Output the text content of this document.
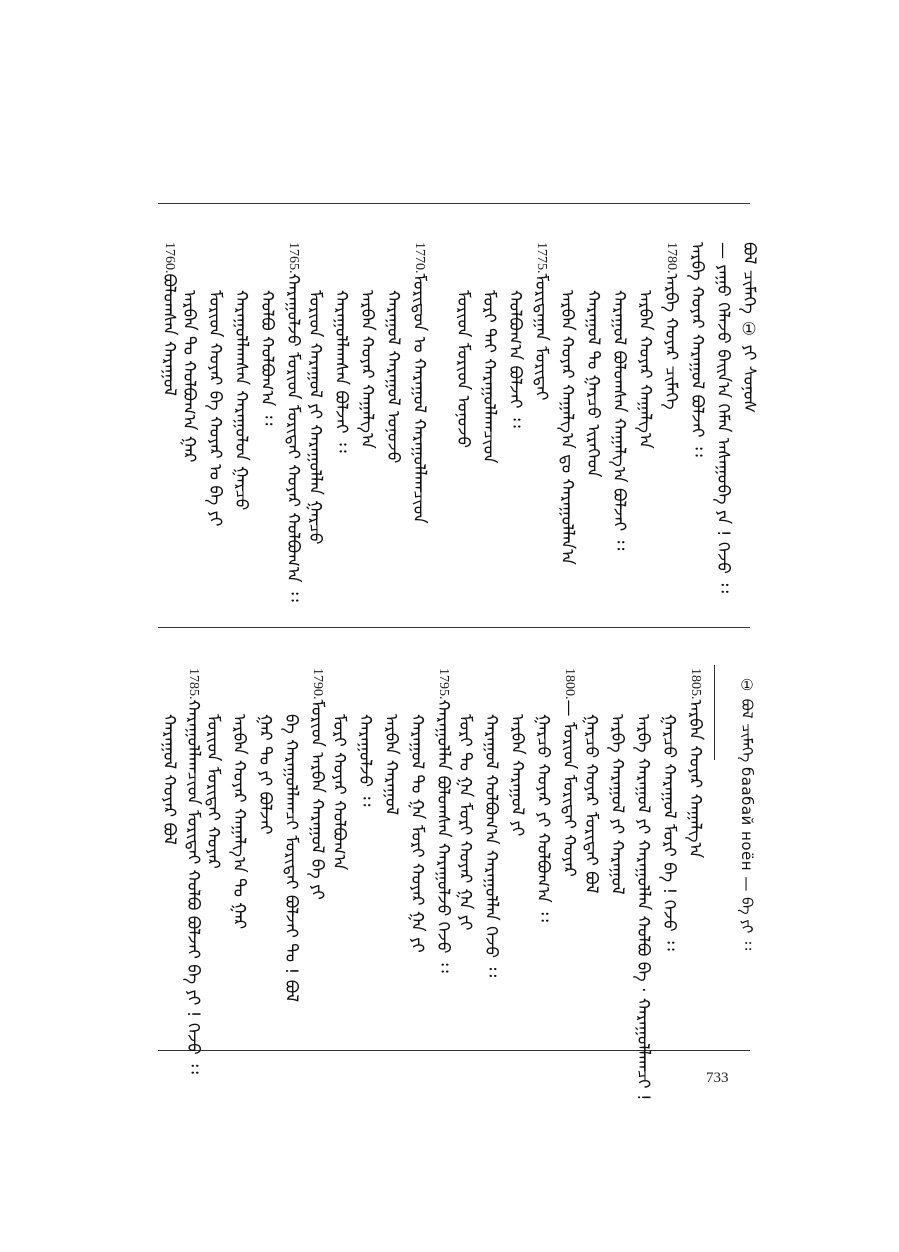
ᠪᠣᠯ ᠴᠢᠮᠡᠭᠡ ① ᠶᠢ ᠰᠣᠨᠣᠰ
— ᠶᠠᠭᠤ ᠬᠡᠯᠡᠵᠦ ᠪᠠᠢᠨ᠎ᠠ ᠬᠡᠮᠡᠨ ᠠᠰᠠᠭᠤᠪᠠ ᠶᠠ ! ᠭᠡᠵᠦ ᠄᠄
ᠠᠷᠪᠠ ᠬᠣᠶᠠᠷ ᠬᠠᠷᠠᠭᠤᠯ ᠪᠣᠯᠵᠠᠢ ᠄᠄
1780.ᠠᠷᠪᠠ ᠬᠣᠶᠠᠷ ᠴᠢᠮᠡᠭᠡ
ᠠᠷᠪᠠᠨ ᠬᠣᠶᠠᠷ ᠬᠠᠭᠠᠯᠭ᠎ᠠ
ᠬᠠᠷᠠᠭᠤᠯ ᠪᠣᠯᠤᠭᠰᠠᠨ ᠬᠠᠭᠠᠯᠭ᠎ᠠ ᠪᠣᠯᠵᠠᠢ ᠄᠄
ᠬᠠᠷᠠᠭᠤᠯ ᠲᠤ ᠭᠠᠷᠴᠤ ᠢᠷᠡᠭᠡᠳ
ᠠᠷᠪᠠᠨ ᠬᠣᠶᠠᠷ ᠬᠠᠭᠠᠯᠭ᠎ᠠ ᠳᠤ ᠬᠠᠷᠠᠭᠤᠯᠯᠠᠨ᠎ᠠ
1775.ᠮᠣᠷᠢᠳᠠᠭᠠᠨ ᠮᠣᠷᠢᠲᠠᠢ
ᠬᠣᠯᠪᠣᠭ᠎ᠠ ᠪᠣᠯᠵᠠᠢ ᠄᠄
ᠮᠣᠷᠢ ᠲᠠᠢ ᠬᠠᠷᠠᠭᠤᠯᠯᠠᠭᠴᠢᠳ
ᠮᠣᠷᠢᠳ ᠮᠣᠷᠢᠳ ᠤᠨᠤᠵᠤ
1770.ᠮᠣᠷᠢᠳᠤᠨ ᠤ ᠬᠠᠷᠠᠭᠤᠯ ᠬᠠᠷᠠᠭᠤᠯᠯᠠᠭᠴᠢᠳ
ᠬᠠᠷᠠᠭᠤᠯ ᠬᠠᠷᠠᠭᠤᠯ ᠤᠨᠤᠵᠤ
ᠠᠷᠪᠠᠨ ᠬᠣᠶᠠᠷ ᠬᠠᠭᠠᠯᠭ᠎ᠠ
ᠬᠠᠷᠠᠭᠤᠯᠯᠠᠭᠰᠠᠨ ᠪᠣᠯᠵᠠᠢ ᠄᠄
ᠮᠣᠷᠢᠳ ᠬᠠᠷᠠᠭᠤᠯ ᠶᠢ ᠬᠠᠷᠠᠭᠤᠯᠯᠠᠨ ᠭᠠᠷᠴᠤ
1765.ᠬᠠᠷᠠᠭᠤᠯᠵᠤ ᠮᠣᠷᠢᠳ ᠮᠣᠷᠢᠲᠠᠢ ᠬᠣᠶᠠᠷ ᠬᠣᠯᠪᠣᠭ᠎ᠠ ᠄᠄
ᠬᠣᠯᠪᠣ ᠬᠣᠯᠪᠣᠭ᠎ᠠ ᠄᠄
ᠬᠠᠷᠠᠭᠤᠯᠯᠠᠭᠰᠠᠨ ᠬᠠᠷᠠᠭᠤᠯᠤᠨ ᠭᠠᠷᠴᠤ
ᠮᠣᠷᠢᠳ ᠬᠣᠶᠠᠷ ᠪᠠ ᠬᠣᠶᠠᠷ ᠤ ᠪᠠ ᠶᠢ
ᠠᠷᠪᠠᠨ ᠲᠤ ᠬᠣᠯᠪᠣᠭ᠎ᠠ ᠭᠠᠷ
1760.ᠪᠣᠯᠤᠭᠰᠠᠨ ᠬᠠᠷᠠᠭᠤᠯ
① ᠪᠣᠯ ᠴᠢᠮᠡᠭᠡ баабай ноён — ᠪᠠ ᠶᠢ ᠄᠄
1805.ᠠᠷᠪᠠᠨ ᠬᠣᠶᠠᠷ ᠬᠠᠭᠠᠯᠭ᠎ᠠ
ᠭᠠᠷᠴᠤ ᠬᠠᠷᠠᠭᠤᠯ ᠮᠣᠷᠢ ᠪᠠ ! ᠭᠡᠵᠦ ᠄᠄
ᠠᠷᠪᠠ ᠬᠠᠷᠠᠭᠤᠯ ᠶᠢ ᠬᠠᠷᠠᠭᠤᠯᠯᠠᠨ ᠬᠣᠯᠪᠣ ᠪᠠ · ᠬᠠᠷᠠᠭᠤᠯᠯᠠᠭᠴᠢ !
ᠠᠷᠪᠠ ᠬᠠᠷᠠᠭᠤᠯ ᠶᠢ ᠬᠠᠷᠠᠭᠤᠯ
ᠭᠠᠷᠴᠤ ᠬᠣᠶᠠᠷ ᠮᠣᠷᠢᠲᠠᠢ ᠪᠣᠯ
1800.— ᠮᠣᠷᠢᠳ ᠮᠣᠷᠢᠲᠠᠢ ᠬᠣᠶᠠᠷ
ᠭᠠᠷᠴᠤ ᠬᠣᠶᠠᠷ ᠶᠢ ᠬᠣᠯᠪᠣᠭ᠎ᠠ ᠄᠄
ᠠᠷᠪᠠᠨ ᠬᠠᠷᠠᠭᠤᠯ ᠶᠢ
ᠬᠠᠷᠠᠭᠤᠯ ᠬᠣᠯᠪᠣᠭ᠎ᠠ ᠬᠠᠷᠠᠭᠤᠯᠯᠠᠨ ᠭᠡᠵᠦ ᠄᠄
ᠮᠣᠷᠢ ᠲᠤ ᠭᠠ ᠮᠣᠷᠢ ᠬᠣᠶᠠᠷ ᠭᠠ ᠶᠢ
1795.ᠬᠠᠷᠠᠭᠤᠯᠯᠠᠨ ᠪᠣᠯᠤᠭᠰᠠᠨ ᠬᠠᠷᠠᠭᠤᠯᠵᠤ ᠭᠡᠵᠦ ᠄᠄
ᠬᠠᠷᠠᠭᠤᠯ ᠲᠤ ᠭᠠ ᠮᠣᠷᠢ ᠬᠣᠶᠠᠷ ᠭᠠ ᠶᠢ
ᠠᠷᠪᠠᠨ ᠬᠠᠷᠠᠭᠤᠯ
ᠬᠠᠷᠠᠭᠤᠯᠵᠤ ᠄᠄
ᠮᠣᠷᠢ ᠬᠣᠶᠠᠷ ᠬᠣᠯᠪᠣᠭ᠎ᠠ
1790.ᠮᠣᠷᠢᠳ ᠠᠷᠪᠠᠨ ᠬᠠᠷᠠᠭᠤᠯ ᠪᠠ ᠶᠢ
ᠪᠠ ᠬᠠᠷᠠᠭᠤᠯᠯᠠᠭᠴᠢ ᠮᠣᠷᠢᠲᠠᠢ ᠪᠣᠯᠵᠠᠢ ᠲᠤ ! ᠪᠣᠯ
ᠭᠠᠷ ᠲᠤ ᠶᠢ ᠪᠣᠯᠵᠠᠢ
ᠠᠷᠪᠠᠨ ᠬᠣᠶᠠᠷ ᠬᠠᠭᠠᠯᠭ᠎ᠠ ᠲᠤ ᠭᠠᠷ
ᠮᠣᠷᠢᠳ ᠮᠣᠷᠢᠲᠠᠢ ᠬᠣᠶᠠᠷ
1785.ᠬᠠᠷᠠᠭᠤᠯᠯᠠᠭᠴᠢᠳ ᠮᠣᠷᠢᠲᠠᠢ ᠬᠣᠯᠪᠣ ᠪᠣᠯᠵᠠᠢ ᠪᠠ ᠶᠢ ! ᠭᠡᠵᠦ ᠄᠄
ᠬᠠᠷᠠᠭᠤᠯ ᠬᠣᠶᠠᠷ ᠪᠣᠯ
733
